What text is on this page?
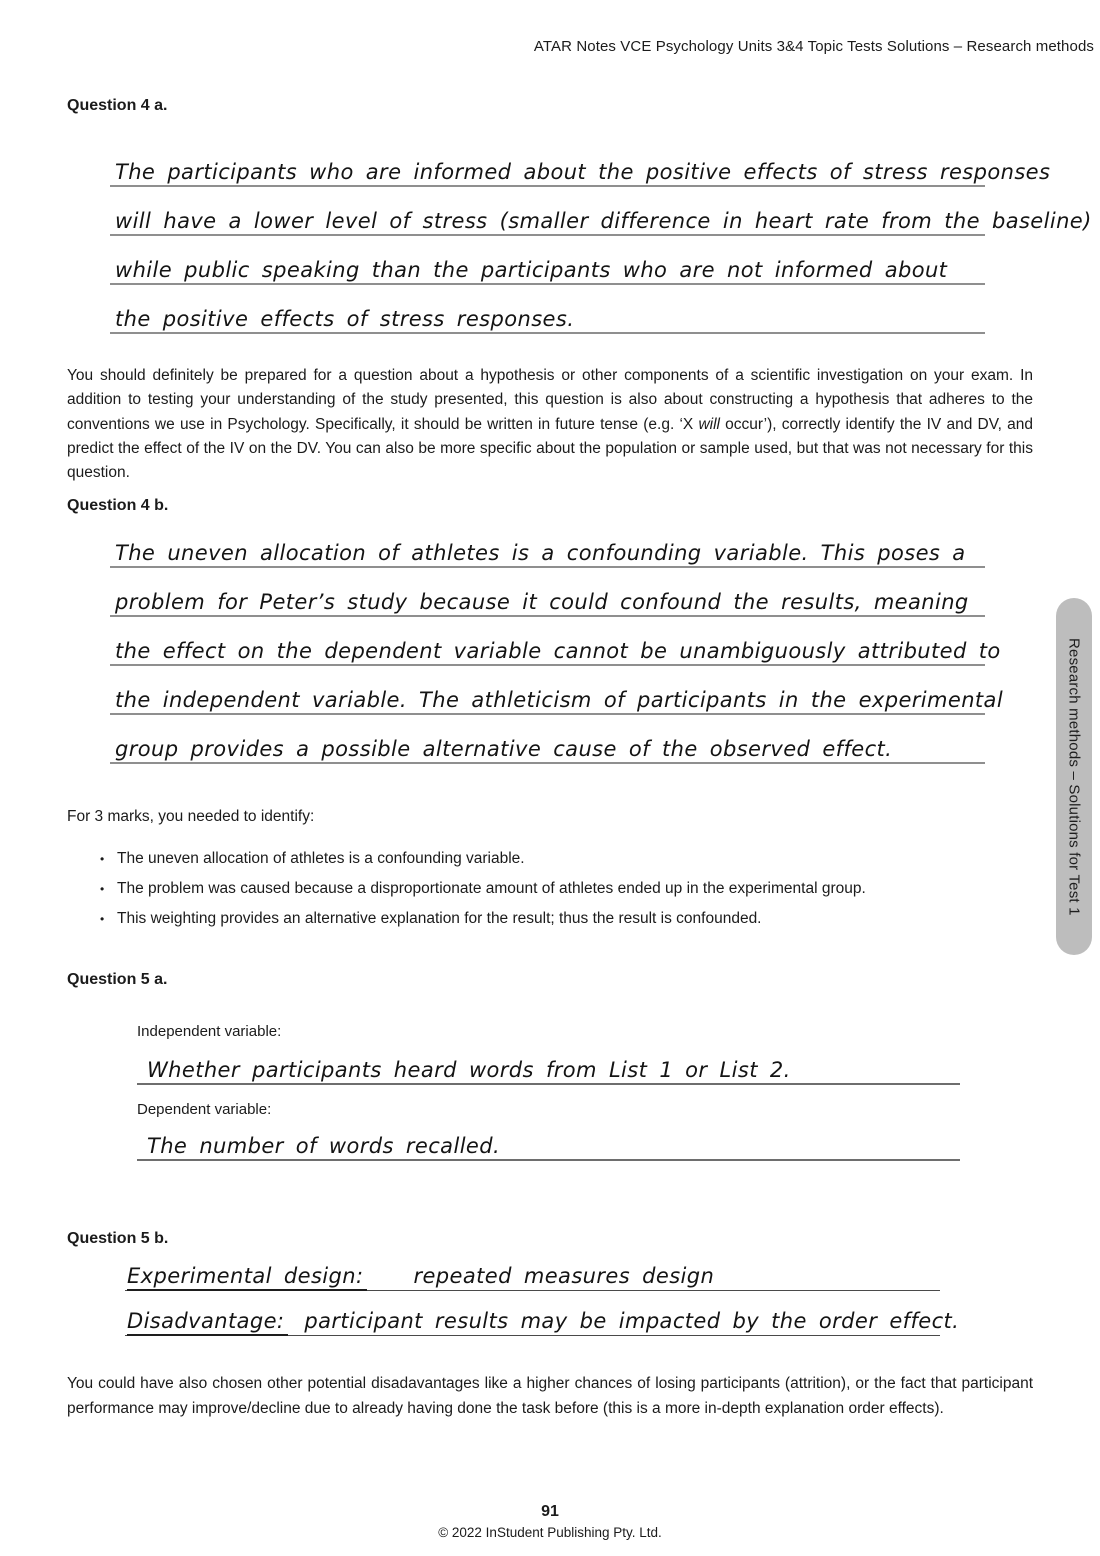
ATAR Notes VCE Psychology Units 3&4 Topic Tests Solutions – Research methods
Question 4 a.
The participants who are informed about the positive effects of stress responses
will have a lower level of stress (smaller difference in heart rate from the baseline)
while public speaking than the participants who are not informed about
the positive effects of stress responses.

You should definitely be prepared for a question about a hypothesis or other components of a scientific investigation on your exam. In addition to testing your understanding of the study presented, this question is also about constructing a hypothesis that adheres to the conventions we use in Psychology. Specifically, it should be written in future tense (e.g. ‘X will occur’), correctly identify the IV and DV, and predict the effect of the IV on the DV. You can also be more specific about the population or sample used, but that was not necessary for this question.

Question 4 b.
The uneven allocation of athletes is a confounding variable. This poses a
problem for Peter’s study because it could confound the results, meaning
the effect on the dependent variable cannot be unambiguously attributed to
the independent variable. The athleticism of participants in the experimental
group provides a possible alternative cause of the observed effect.

For 3 marks, you needed to identify:

• The uneven allocation of athletes is a confounding variable.
• The problem was caused because a disproportionate amount of athletes ended up in the experimental group.
• This weighting provides an alternative explanation for the result; thus the result is confounded.
Question 5 a.
Independent variable:
Whether participants heard words from List 1 or List 2.
Dependent variable:
The number of words recalled.
Question 5 b.
Experimental design: repeated measures design
Disadvantage: participant results may be impacted by the order effect.

You could have also chosen other potential disadavantages like a higher chances of losing participants (attrition), or the fact that participant performance may improve/decline due to already having done the task before (this is a more in-depth explanation order effects).

Research methods – Solutions for Test 1
91
© 2022 InStudent Publishing Pty. Ltd.
